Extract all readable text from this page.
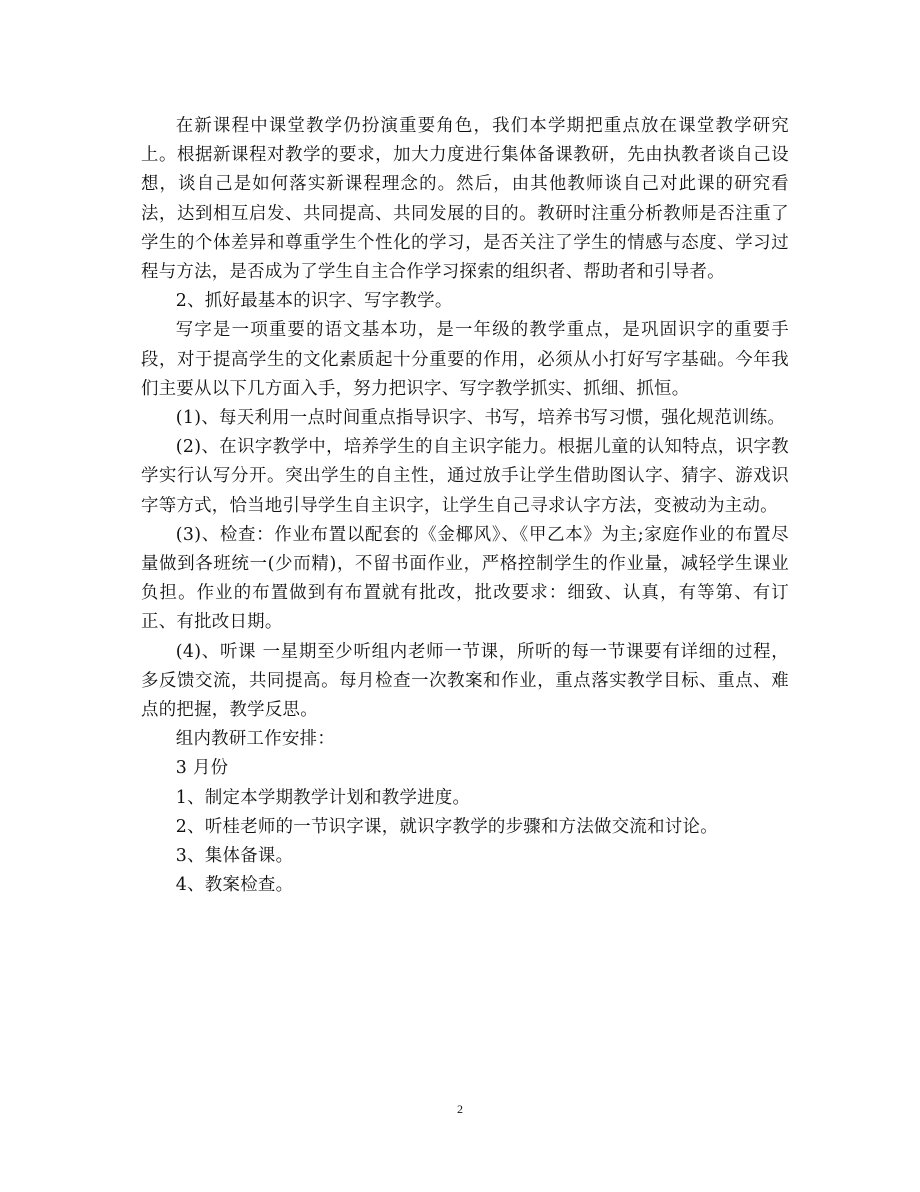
在新课程中课堂教学仍扮演重要角色，我们本学期把重点放在课堂教学研究上。根据新课程对教学的要求，加大力度进行集体备课教研，先由执教者谈自己设想，谈自己是如何落实新课程理念的。然后，由其他教师谈自己对此课的研究看法，达到相互启发、共同提高、共同发展的目的。教研时注重分析教师是否注重了学生的个体差异和尊重学生个性化的学习，是否关注了学生的情感与态度、学习过程与方法，是否成为了学生自主合作学习探索的组织者、帮助者和引导者。

2、抓好最基本的识字、写字教学。

写字是一项重要的语文基本功，是一年级的教学重点，是巩固识字的重要手段，对于提高学生的文化素质起十分重要的作用，必须从小打好写字基础。今年我们主要从以下几方面入手，努力把识字、写字教学抓实、抓细、抓恒。

(1)、每天利用一点时间重点指导识字、书写，培养书写习惯，强化规范训练。

(2)、在识字教学中，培养学生的自主识字能力。根据儿童的认知特点，识字教学实行认写分开。突出学生的自主性，通过放手让学生借助图认字、猜字、游戏识字等方式，恰当地引导学生自主识字，让学生自己寻求认字方法，变被动为主动。

(3)、检查：作业布置以配套的《金椰风》、《甲乙本》为主;家庭作业的布置尽量做到各班统一(少而精)，不留书面作业，严格控制学生的作业量，减轻学生课业负担。作业的布置做到有布置就有批改，批改要求：细致、认真，有等第、有订正、有批改日期。

(4)、听课 一星期至少听组内老师一节课，所听的每一节课要有详细的过程，多反馈交流，共同提高。每月检查一次教案和作业，重点落实教学目标、重点、难点的把握，教学反思。

组内教研工作安排：

3 月份

1、制定本学期教学计划和教学进度。

2、听桂老师的一节识字课，就识字教学的步骤和方法做交流和讨论。

3、集体备课。

4、教案检查。

2
